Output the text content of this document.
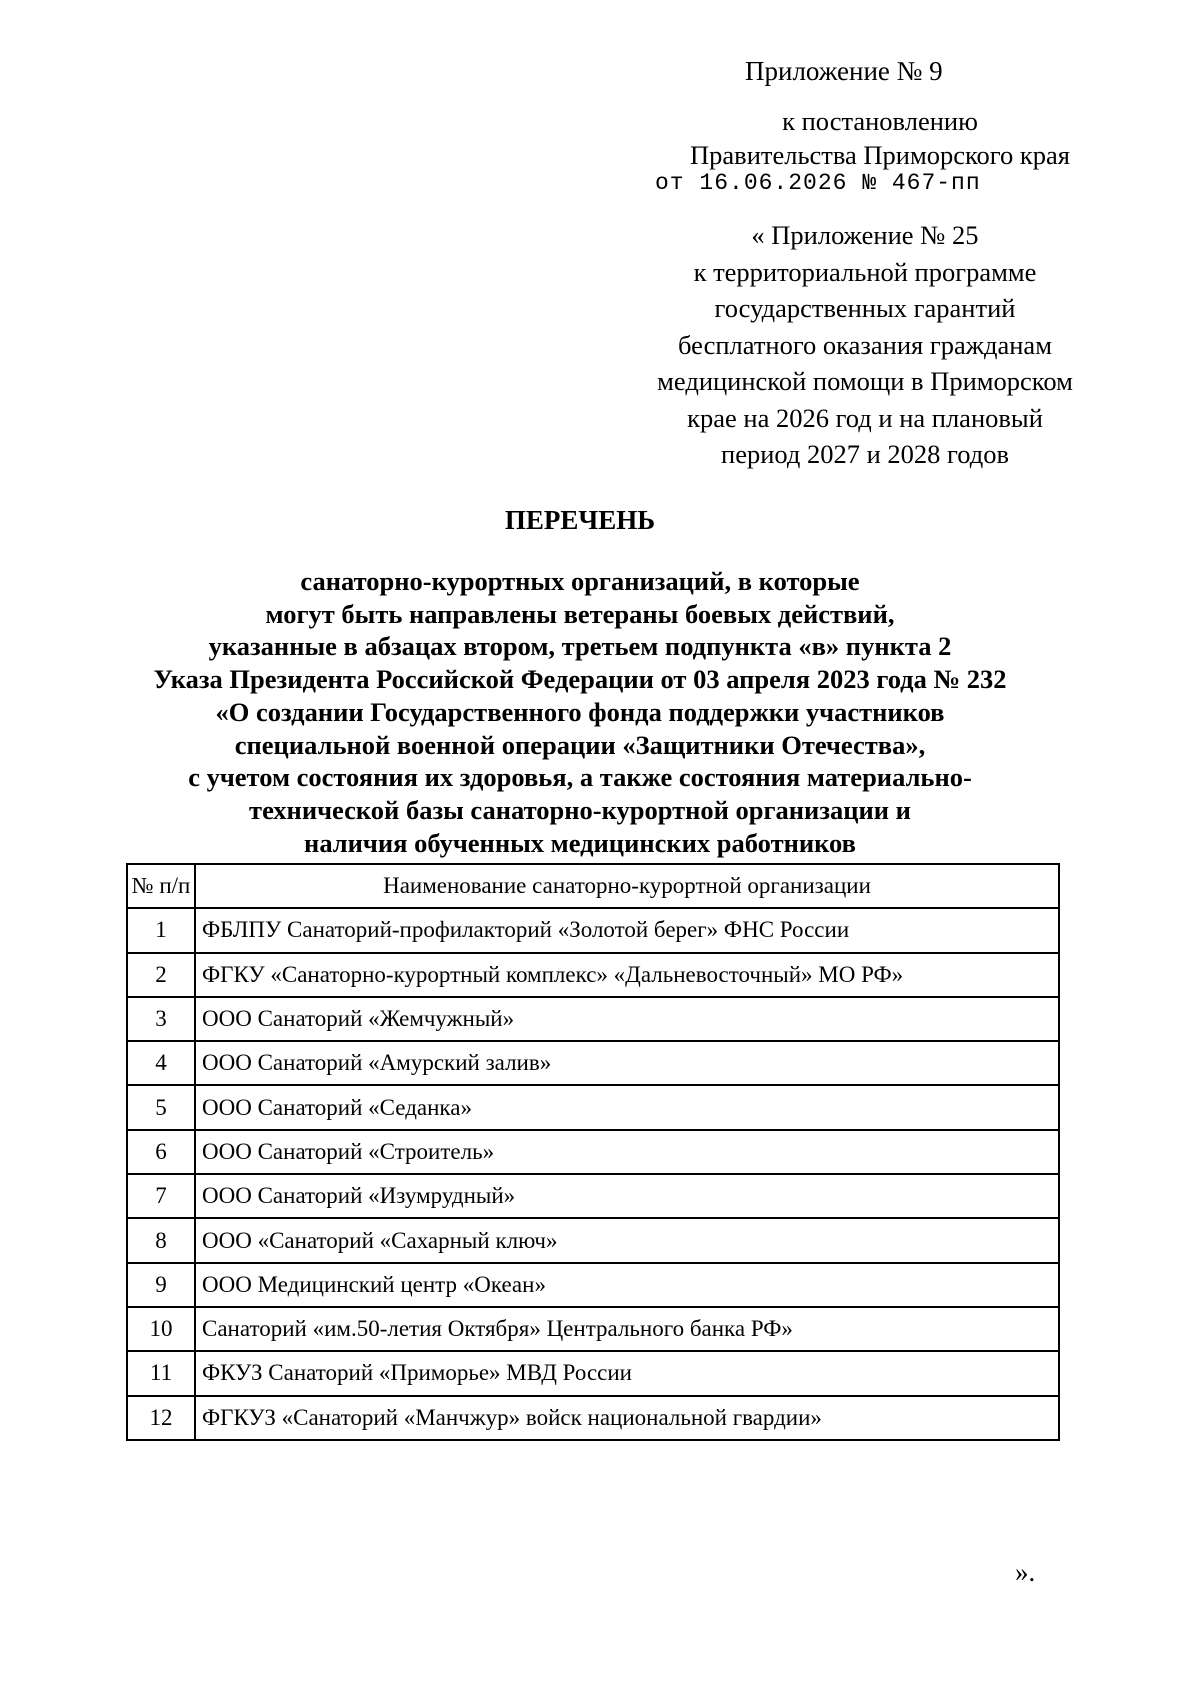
Приложение № 9
к постановлению
Правительства Приморского края
от 16.06.2026 № 467-пп
« Приложение № 25
к территориальной программе
государственных гарантий
бесплатного оказания гражданам
медицинской помощи в Приморском
крае на 2026 год и на плановый
период 2027 и 2028 годов
ПЕРЕЧЕНЬ
санаторно-курортных организаций, в которые
могут быть направлены ветераны боевых действий,
указанные в абзацах втором, третьем подпункта «в» пункта 2
Указа Президента Российской Федерации от 03 апреля 2023 года № 232
«О создании Государственного фонда поддержки участников
специальной военной операции «Защитники Отечества»,
с учетом состояния их здоровья, а также состояния материально-
технической базы санаторно-курортной организации и
наличия обученных медицинских работников
№ п/п	Наименование санаторно-курортной организации
1	ФБЛПУ Санаторий-профилакторий «Золотой берег» ФНС России
2	ФГКУ «Санаторно-курортный комплекс» «Дальневосточный» МО РФ»
3	ООО Санаторий «Жемчужный»
4	ООО Санаторий «Амурский залив»
5	ООО Санаторий «Седанка»
6	ООО Санаторий «Строитель»
7	ООО Санаторий «Изумрудный»
8	ООО «Санаторий «Сахарный ключ»
9	ООО Медицинский центр «Океан»
10	Санаторий «им.50-летия Октября» Центрального банка РФ»
11	ФКУЗ Санаторий «Приморье» МВД России
12	ФГКУЗ «Санаторий «Манчжур» войск национальной гвардии»
».
